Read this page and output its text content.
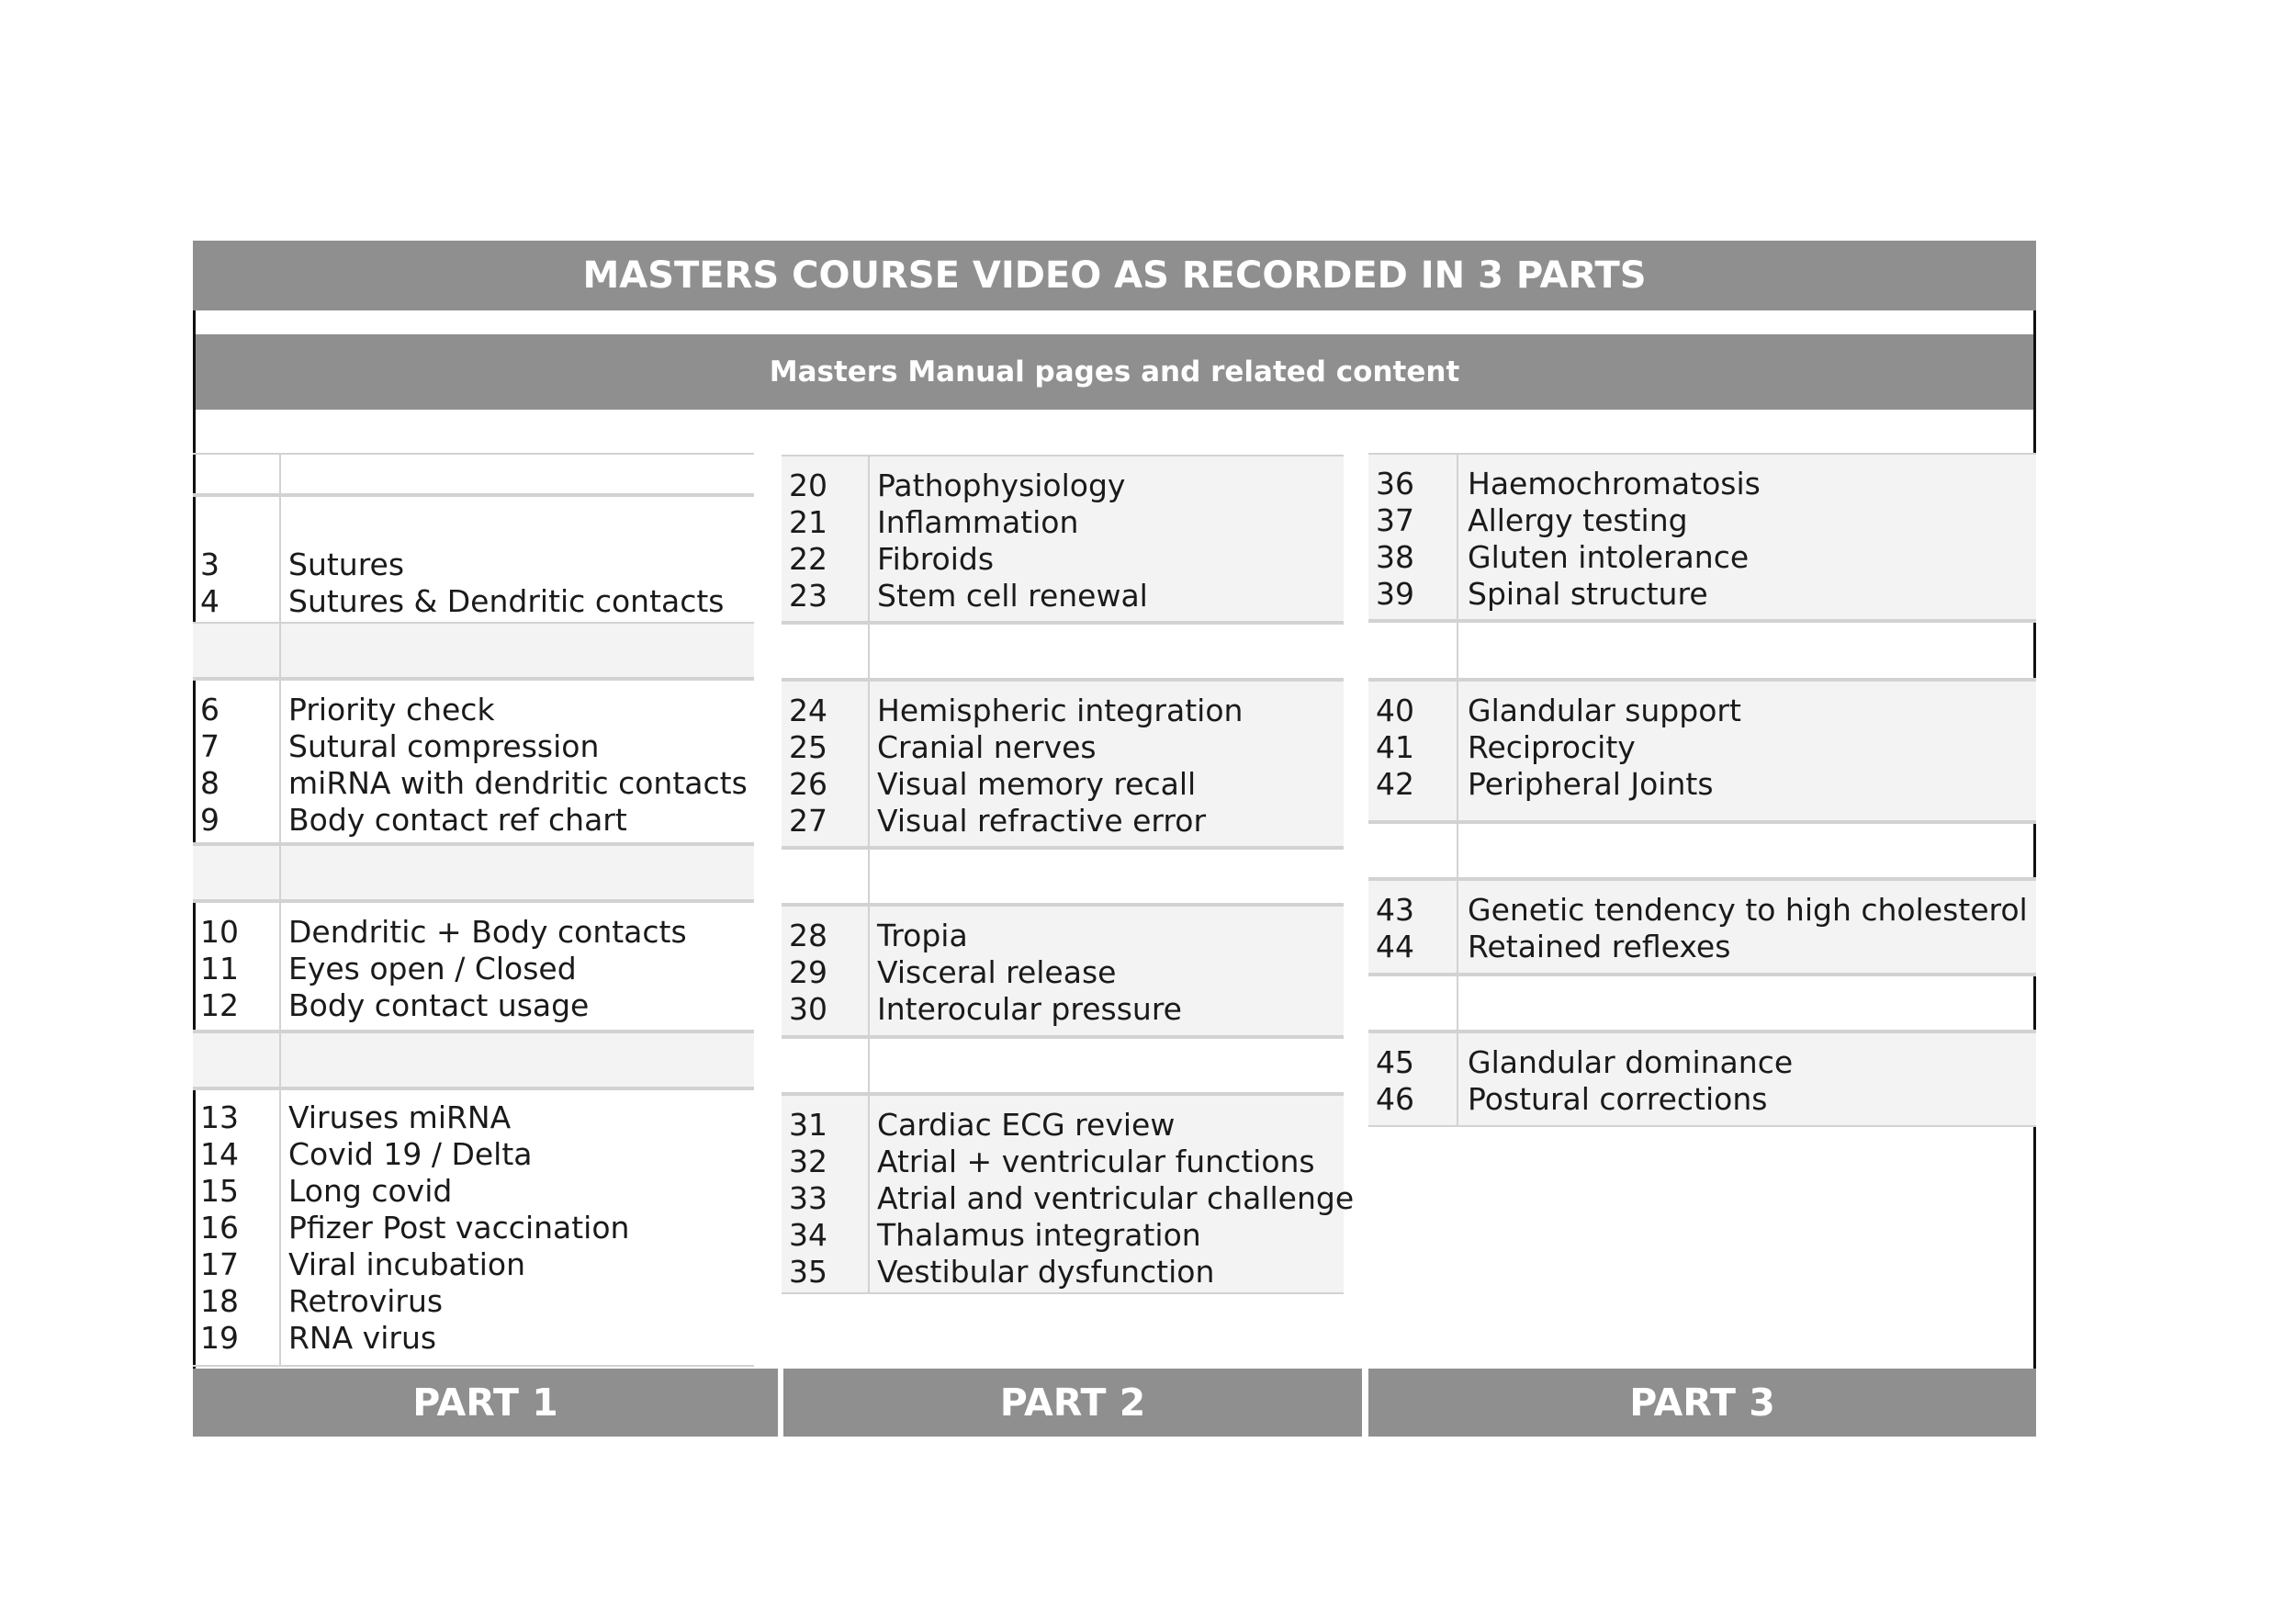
MASTERS COURSE VIDEO AS RECORDED IN 3 PARTS
Masters Manual pages and related content
3 Sutures
4 Sutures & Dendritic contacts
6 Priority check
7 Sutural compression
8 miRNA with dendritic contacts
9 Body contact ref chart
10 Dendritic + Body contacts
11 Eyes open / Closed
12 Body contact usage
13 Viruses miRNA
14 Covid 19 / Delta
15 Long covid
16 Pfizer Post vaccination
17 Viral incubation
18 Retrovirus
19 RNA virus
20 Pathophysiology
21 Inflammation
22 Fibroids
23 Stem cell renewal
24 Hemispheric integration
25 Cranial nerves
26 Visual memory recall
27 Visual refractive error
28 Tropia
29 Visceral release
30 Interocular pressure
31 Cardiac ECG review
32 Atrial + ventricular functions
33 Atrial and ventricular challenge
34 Thalamus integration
35 Vestibular dysfunction
36 Haemochromatosis
37 Allergy testing
38 Gluten intolerance
39 Spinal structure
40 Glandular support
41 Reciprocity
42 Peripheral Joints
43 Genetic tendency to high cholesterol
44 Retained reflexes
45 Glandular dominance
46 Postural corrections
PART 1	PART 2	PART 3
